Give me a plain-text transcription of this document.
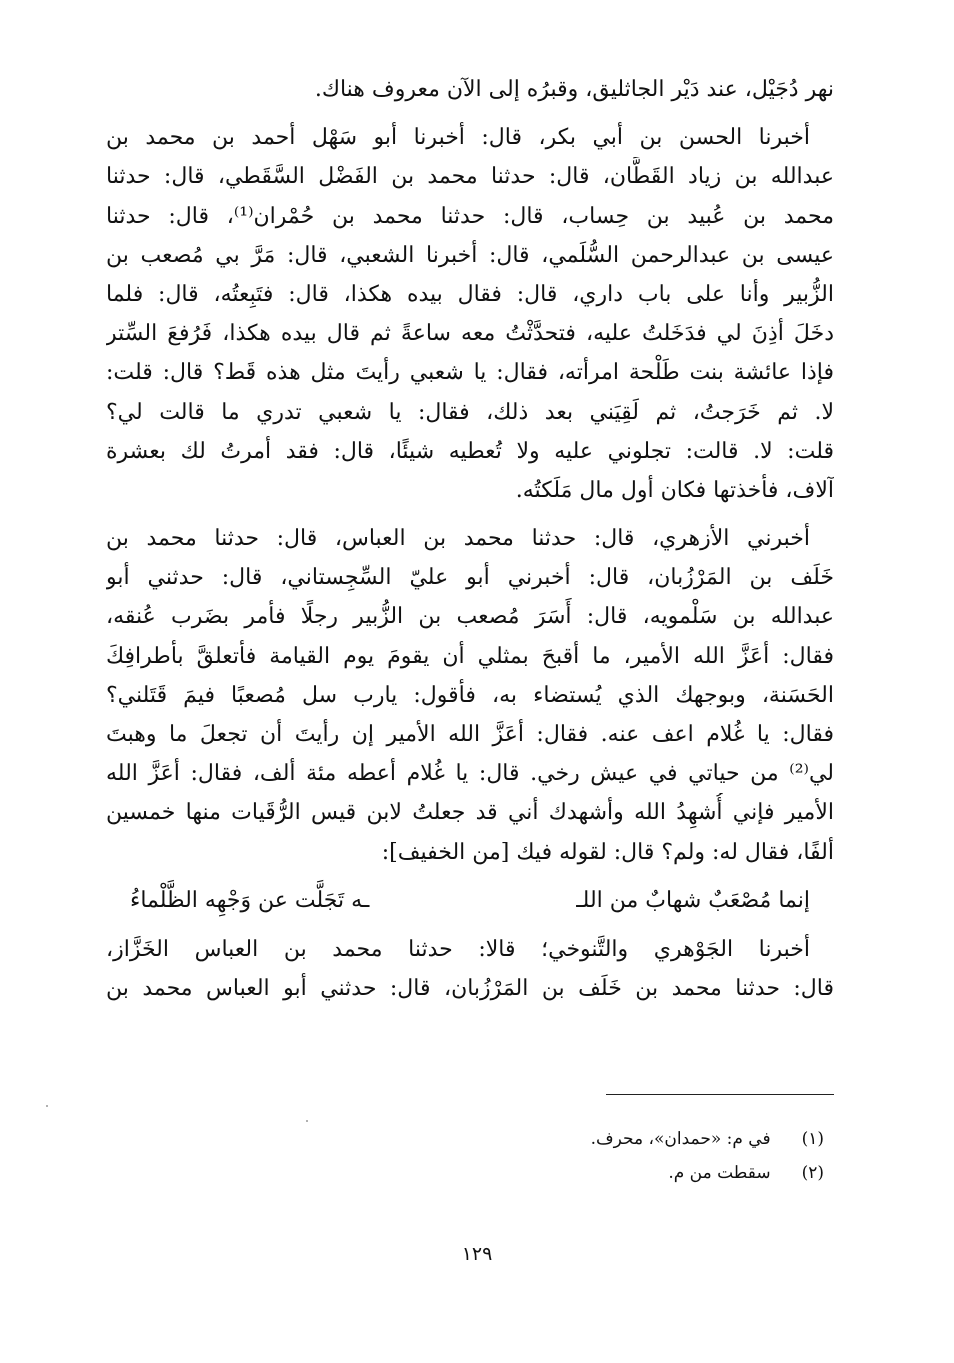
نهر دُجَيْل، عند دَيْر الجاثليق، وقبرُه إلى الآن معروف هناك.
أخبرنا الحسن بن أبي بكر، قال: أخبرنا أبو سَهْل أحمد بن محمد بن
عبدالله بن زياد القَطَّان، قال: حدثنا محمد بن الفَضْل السَّقَطي، قال: حدثنا
محمد بن عُبيد بن حِساب، قال: حدثنا محمد بن حُمْران⁽¹⁾، قال: حدثنا
عيسى بن عبدالرحمن السُّلَمي، قال: أخبرنا الشعبي، قال: مَرَّ بي مُصعب بن
الزُّبير وأنا على باب داري، قال: فقال بيده هكذا، قال: فتَبِعتُه، قال: فلما
دخَلَ أذِنَ لي فدَخَلتُ عليه، فتحدَّثْتُ معه ساعةً ثم قال بيده هكذا، فَرُفعَ السِّتر
فإذا عائشة بنت طَلْحة امرأته، فقال: يا شعبي رأيتَ مثل هذه قَط؟ قال: قلت:
لا. ثم خَرَجتُ، ثم لَقِيَني بعد ذلك، فقال: يا شعبي تدري ما قالت لي؟
قلت: لا. قالت: تجلوني عليه ولا تُعطيه شيئًا، قال: فقد أمرتُ لك بعشرة
آلاف، فأخذتها فكان أول مال مَلَكتُه.
أخبرني الأزهري، قال: حدثنا محمد بن العباس، قال: حدثنا محمد بن
خَلَف بن المَرْزُبان، قال: أخبرني أبو عليّ السِّجِستاني، قال: حدثني أبو
عبدالله بن سَلْمويه، قال: أَسَرَ مُصعب بن الزُّبير رجلًا فأمر بضَرب عُنقه،
فقال: أعَزَّ الله الأمير، ما أقبحَ بمثلي أن يقومَ يوم القيامة فأتعلقَّ بأطرافِكَ
الحَسَنة، وبوجهك الذي يُستضاء به، فأقول: يارب سل مُصعبًا فيمَ قَتَلني؟
فقال: يا غُلام اعف عنه. فقال: أعَزَّ الله الأمير إن رأيتَ أن تجعلَ ما وهبتَ
لي⁽²⁾ من حياتي في عيش رخي. قال: يا غُلام أعطه مئة ألف، فقال: أعَزَّ الله
الأمير فإني أُشهِدُ الله وأشهدك أني قد جعلتُ لابن قيس الرُّقَيات منها خمسين
ألفًا، فقال له: ولم؟ قال: لقوله فيك [من الخفيف]:
إنما مُصْعَبٌ شهابٌ من اللـ
ـه تَجَلَّت عن وَجْهِه الظَّلْماءُ
أخبرنا الجَوْهري والتَّنوخي؛ قالا: حدثنا محمد بن العباس الخَزَّاز،
قال: حدثنا محمد بن خَلَف بن المَرْزُبان، قال: حدثني أبو العباس محمد بن
(١) في م: «حمدان»، محرف.
(٢) سقطت من م.
١٢٩
